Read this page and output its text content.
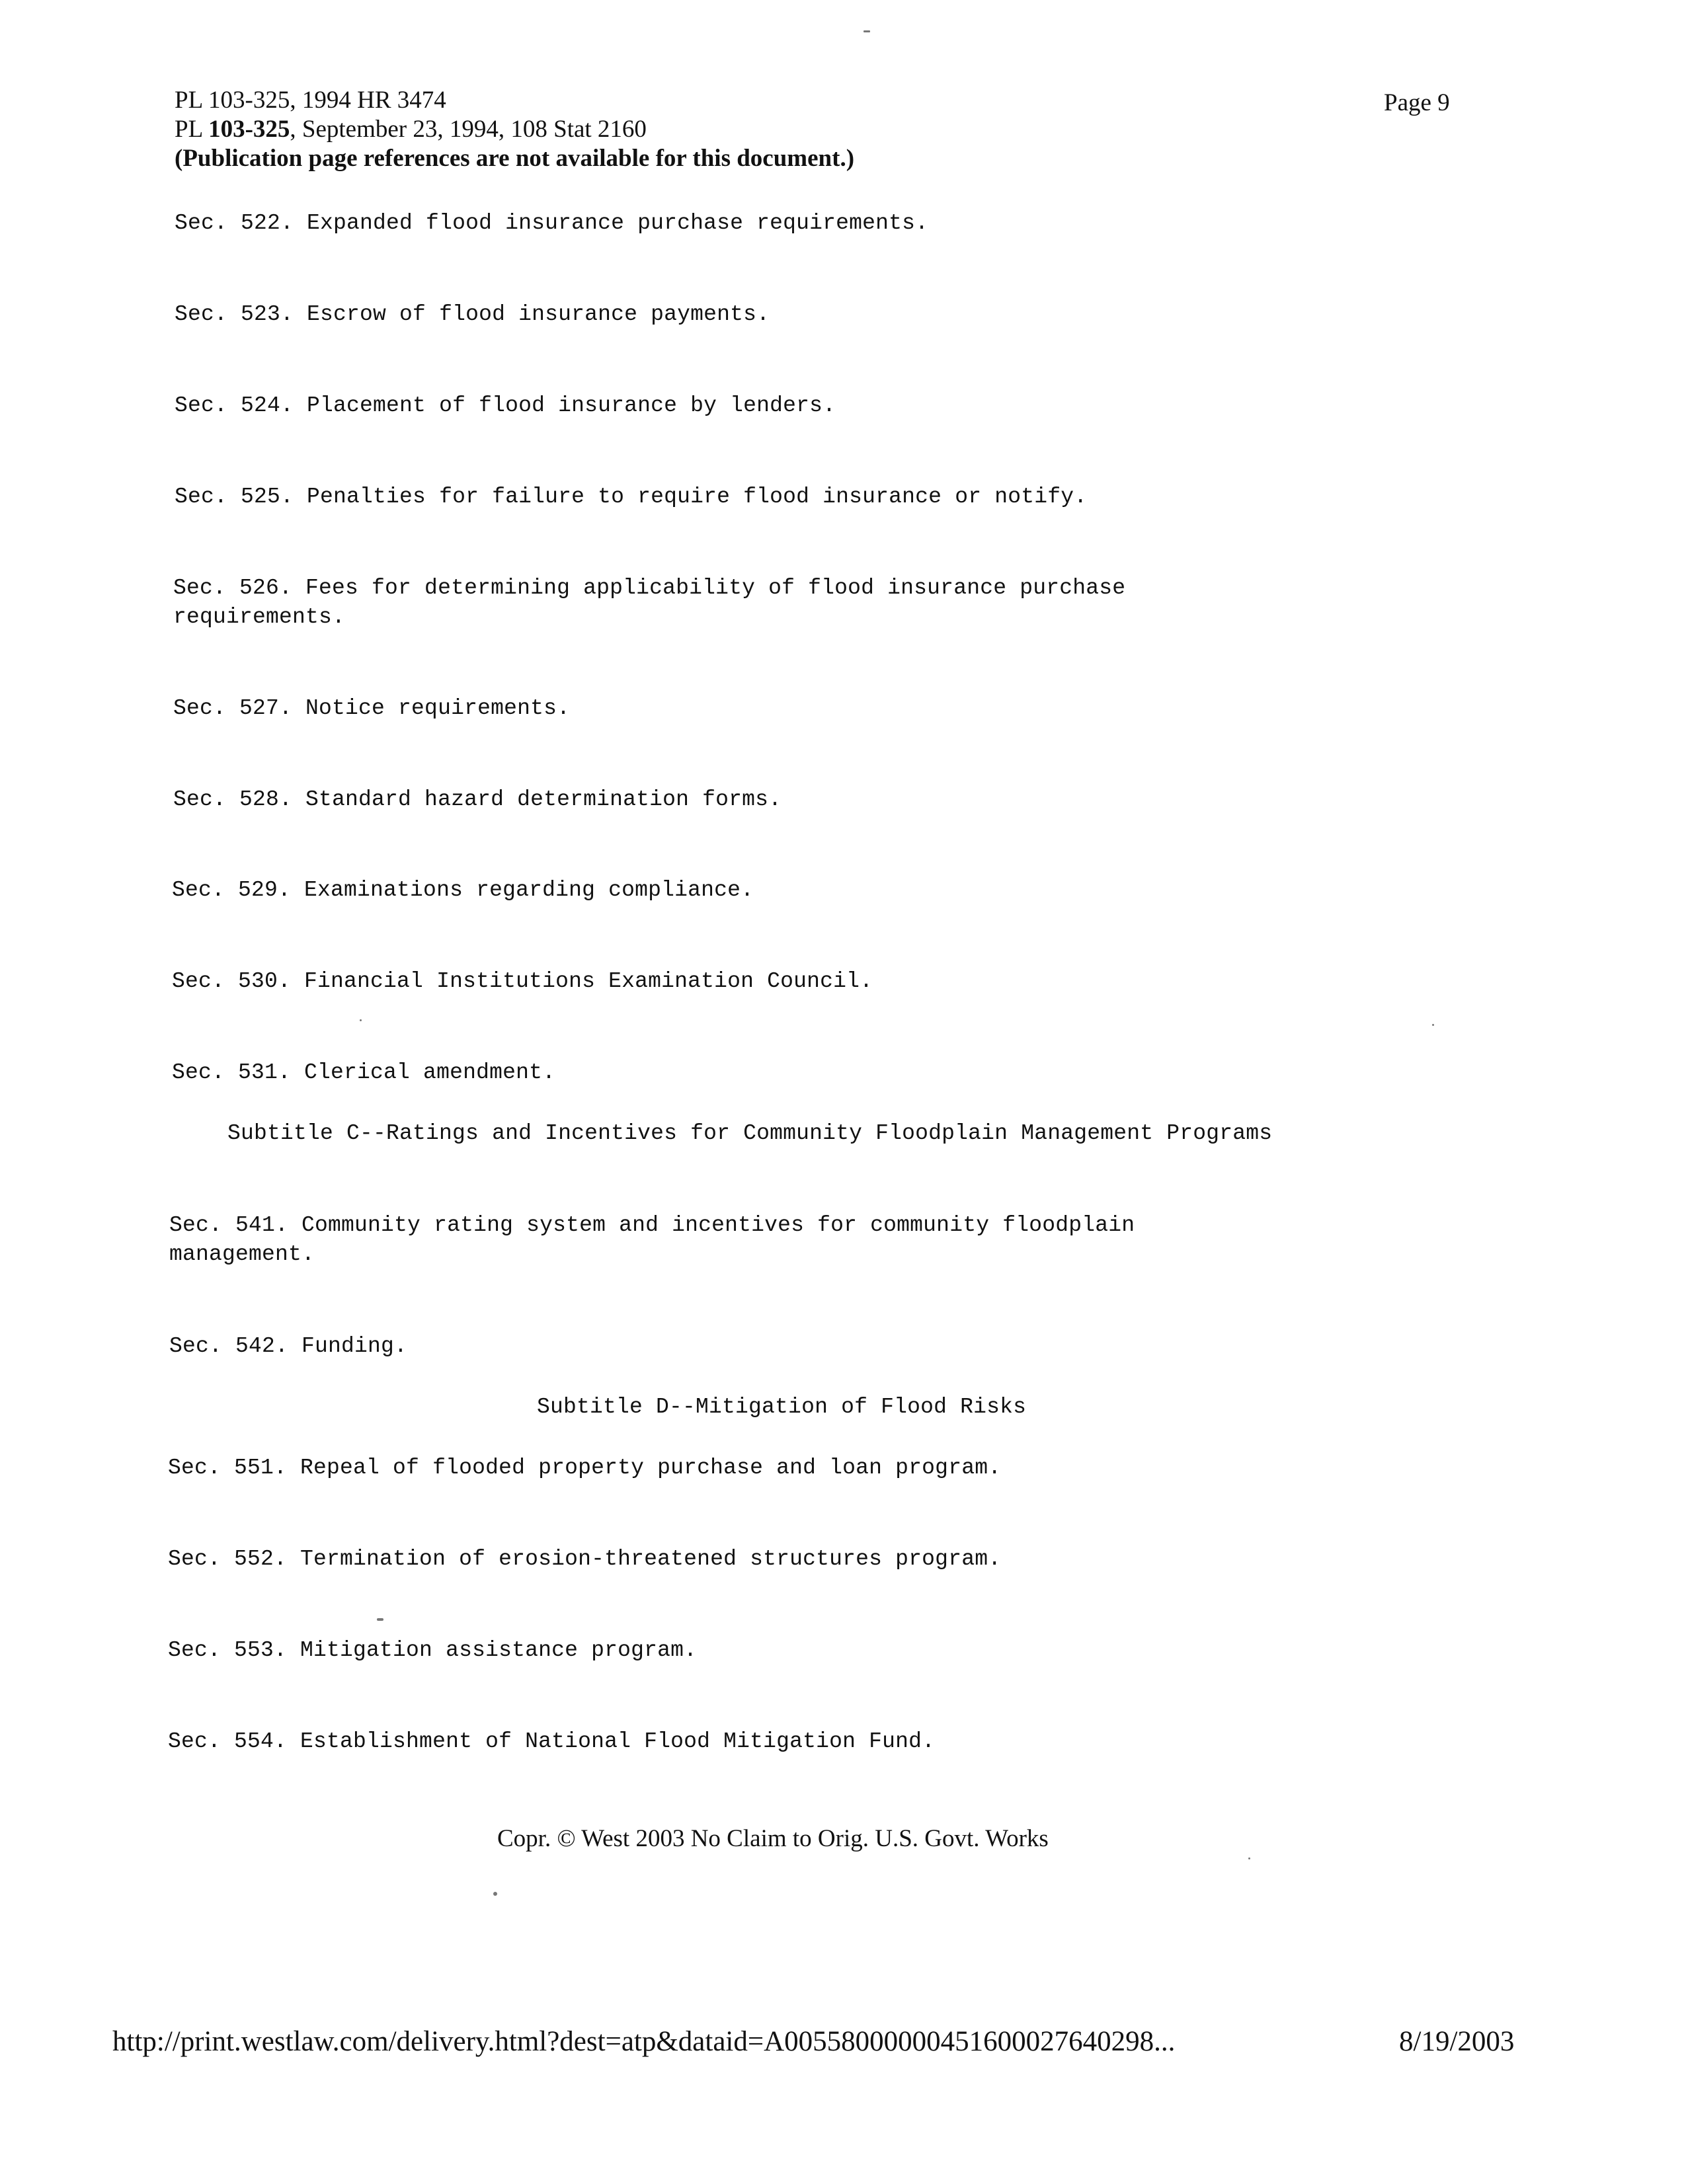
PL 103-325, 1994 HR 3474
PL 103-325, September 23, 1994, 108 Stat 2160
(Publication page references are not available for this document.)
Page 9
Sec. 522. Expanded flood insurance purchase requirements.
Sec. 523. Escrow of flood insurance payments.
Sec. 524. Placement of flood insurance by lenders.
Sec. 525. Penalties for failure to require flood insurance or notify.
Sec. 526. Fees for determining applicability of flood insurance purchase
requirements.
Sec. 527. Notice requirements.
Sec. 528. Standard hazard determination forms.
Sec. 529. Examinations regarding compliance.
Sec. 530. Financial Institutions Examination Council.
Sec. 531. Clerical amendment.
Subtitle C--Ratings and Incentives for Community Floodplain Management Programs
Sec. 541. Community rating system and incentives for community floodplain
management.
Sec. 542. Funding.
Subtitle D--Mitigation of Flood Risks
Sec. 551. Repeal of flooded property purchase and loan program.
Sec. 552. Termination of erosion-threatened structures program.
Sec. 553. Mitigation assistance program.
Sec. 554. Establishment of National Flood Mitigation Fund.
Copr. © West 2003 No Claim to Orig. U.S. Govt. Works
http://print.westlaw.com/delivery.html?dest=atp&dataid=A00558000000451600027640298...	8/19/2003
